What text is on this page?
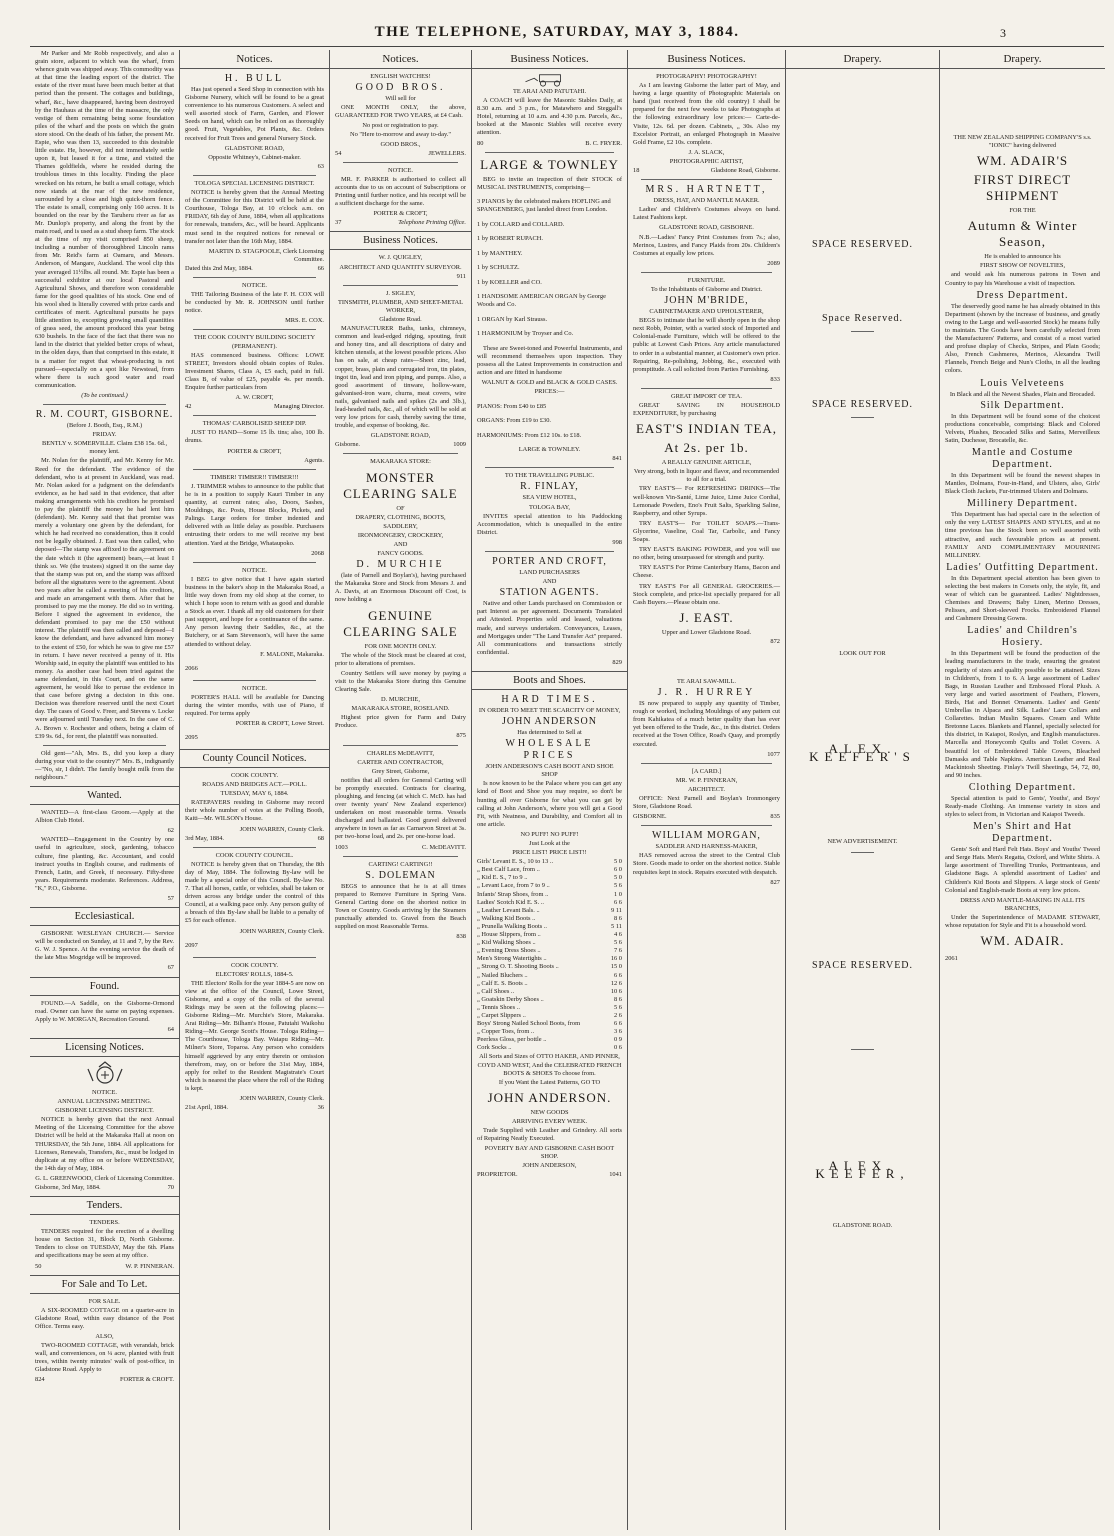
THE TELEPHONE, SATURDAY, MAY 3, 1884.	3

Mr Parker and Mr Robb respectively, and also a grain store, adjacent to which was the wharf, from whence grain was shipped away. This commodity was at that time the leading export of the district. The estate of the river must have been much better at that period than the present. The cottages and buildings, wharf, &c., have disappeared, having been destroyed by the Hauhaus at the time of the massacre, the only vestige of them remaining being some foundation piles of the wharf and the posts on which the grain store stood. On the death of his father, the present Mr. Espie, who was then 13, succeeded to this desirable little estate. He, however, did not immediately settle upon it, but leased it for a time, and visited the Thames goldfields, where he resided during the troublous times in this locality. Finding the place wrecked on his return, he built a small cottage, which now stands at the rear of the new residence, surrounded by a close and high quick-thorn fence. The estate is small, comprising only 160 acres. It is bounded on the rear by the Taruheru river as far as Mr. Dunlop's property, and along the front by the main road, and is used as a stud sheep farm. The stock at the time of my visit comprised 850 sheep, including a number of thoroughbred Lincoln rams from Mr. Reid's farm at Oamaru, and Messrs. Anderson, of Mangare, Auckland. The wool clip this year averaged 11½lbs. all round. Mr. Espie has been a successful exhibitor at our local Pastoral and Agricultural Shows, and therefore won considerable fame for the good qualities of his stock. One end of his wool shed is literally covered with prize cards and certificates of merit. Agricultural pursuits he pays little attention to, excepting growing small quantities of grass seed, the amount produced this year being 630 bushels. In the face of the fact that there was no land in the district that yielded better crops of wheat, in the olden days, than that comprised in this estate, it is a matter for regret that wheat-producing is not pursued—especially on a spot like Newstead, from where there is such good water and road communication.

(To be continued.)

R. M. COURT, GISBORNE.

(Before J. Booth, Esq., R.M.)

FRIDAY.

BENTLY v. SOMERVILLE. Claim £38 15s. 6d., money lent.

Mr. Nolan for the plaintiff, and Mr. Kenny for Mr. Reed for the defendant. The evidence of the defendant, who is at present in Auckland, was read. Mr. Nolan asked for a judgment on the defendant's evidence, as he had said in that evidence, that after making arrangements with his creditors he promised to pay the plaintiff the money he had lent him (defendant). Mr. Kenny said that that promise was merely a voluntary one given by the defendant, for which he had received no consideration, thus it could not be legally obtained. J. East was then called, who deposed—The stamp was affixed to the agreement on the date which it (the agreement) bears,—at least I think so. We (the trustees) signed it on the same day that the stamp was put on, and the stamp was affixed before all the signatures were to the agreement. About two years after he called a meeting of his creditors, and made an arrangement with them. After that he promised to pay me the money. He did so in writing. Before I signed the agreement in evidence, the defendant promised to pay me the £50 without interest. The plaintiff was then called and deposed—I know the defendant, and have advanced him money to the extent of £50, for which he was to give me £57 in return. I have never received a penny of it. His Worship said, in equity the plaintiff was entitled to his money. As another case had been tried against the same defendant, in this Court, and on the same agreement, he would like to peruse the evidence in that case before giving a decision in this one. Decision was therefore reserved until the next Court day. The cases of Good v. Freer, and Stevens v. Locke were adjourned until Tuesday next. In the case of C. A. Brown v. Rochester and others, being a claim of £39 9s. 6d., for rent, the plaintiff was nonsuited.

Old gent—"Ah, Mrs. B., did you keep a diary during your visit to the country?" Mrs. B., indignantly—"No, sir, I didn't. The family bought milk from the neighbours."

Wanted.

WANTED—A first-class Groom.—Apply at the Albion Club Hotel.

62

WANTED—Engagement in the Country by one useful in agriculture, stock, gardening, tobacco culture, fine planting, &c. Accountant, and could instruct youths in English course, and rudiments of French, Latin, and Greek, if necessary. Fifty-three years. Requirements moderate. References. Address, "K," P.O., Gisborne.

57

Ecclesiastical.

GISBORNE WESLEYAN CHURCH.— Service will be conducted on Sunday, at 11 and 7, by the Rev. G. W. J. Spence. At the evening service the death of the late Miss Mogridge will be improved.

67

Found.

FOUND.—A Saddle, on the Gisborne-Ormond road. Owner can have the same on paying expenses. Apply to W. MORGAN, Recreation Ground.

64

Licensing Notices.

NOTICE.

ANNUAL LICENSING MEETING.

GISBORNE LICENSING DISTRICT.

NOTICE is hereby given that the next Annual Meeting of the Licensing Committee for the above District will be held at the Makaraka Hall at noon on THURSDAY, the 5th June, 1884. All applications for Licenses, Renewals, Transfers, &c., must be lodged in duplicate at my office on or before WEDNESDAY, the 14th day of May, 1884.

G. L. GREENWOOD, Clerk of Licensing Committee.

Gisborne, 3rd May, 1884.	70
Tenders.

TENDERS.

TENDERS required for the erection of a dwelling house on Section 31, Block D, North Gisborne. Tenders to close on TUESDAY, May the 6th. Plans and specifications may be seen at my office.

50	W. P. FINNERAN.
For Sale and To Let.

FOR SALE.

A SIX-ROOMED COTTAGE on a quarter-acre in Gladstone Road, within easy distance of the Post Office. Terms easy.

ALSO,

TWO-ROOMED COTTAGE, with verandah, brick wall, and conveniences, on ¼ acre, planted with fruit trees, within twenty minutes' walk of post-office, in Gladstone Road. Apply to

824	FORTER & CROFT.
Notices.

H. BULL

Has just opened a Seed Shop in connection with his Gisborne Nursery, which will be found to be a great convenience to his numerous Customers. A select and well assorted stock of Farm, Garden, and Flower Seeds on hand, which can be relied on as thoroughly good. Fruit, Vegetables, Pot Plants, &c. Orders received for Fruit Trees and general Nursery Stock.

GLADSTONE ROAD,

Opposite Whitney's, Cabinet-maker.

63

TOLOGA SPECIAL LICENSING DISTRICT.

NOTICE is hereby given that the Annual Meeting of the Committee for this District will be held at the Courthouse, Tologa Bay, at 10 o'clock a.m. on FRIDAY, 6th day of June, 1884, when all applications for renewals, transfers, &c., will be heard. Applicants must send in the required notices for renewal or transfer not later than the 16th May, 1884.

MARTIN D. STAGPOOLE, Clerk Licensing Committee.

Dated this 2nd May, 1884.	66

NOTICE.

THE Tailoring Business of the late F. H. COX will be conducted by Mr. R. JOHNSON until further notice.

MRS. E. COX.

THE COOK COUNTY BUILDING SOCIETY (PERMANENT).

HAS commenced business. Offices: LOWE STREET, Investors should obtain copies of Rules. Investment Shares, Class A, £5 each, paid in full. Class B, of value of £25, payable 4s. per month. Enquire further particulars from

A. W. CROFT,

42	Managing Director.

THOMAS' CARBOLISED SHEEP DIP.

JUST TO HAND—Some 15 lb. tins; also, 100 lb. drums.

PORTER & CROFT,

Agents.

TIMBER! TIMBER!! TIMBER!!!

J. TRIMMER wishes to announce to the public that he is in a position to supply Kauri Timber in any quantity, at current rates; also, Doors, Sashes, Mouldings, &c. Posts, House Blocks, Pickets, and Palings. Large orders for timber indented and delivered with as little delay as possible. Purchasers entrusting their orders to me will receive my best attention. Yard at the Bridge, Whataupoko.

2068

NOTICE.

I BEG to give notice that I have again started business in the baker's shop in the Makaraka Road, a little way down from my old shop at the corner, to which I hope soon to return with as good and durable a Stock as ever. I thank all my old customers for their past support, and hope for a continuance of the same. Any person leaving their Saddles, &c., at the Butchery, or at Sam Stevenson's, will have the same attended to without delay.

F. MALONE, Makaraka.

2066

NOTICE.

PORTER'S HALL will be available for Dancing during the winter months, with use of Piano, if required. For terms apply

PORTER & CROFT, Lowe Street.

2095

County Council Notices.

COOK COUNTY.

ROADS AND BRIDGES ACT.—POLL.

TUESDAY, MAY 6, 1884.

RATEPAYERS residing in Gisborne may record their whole number of votes at the Polling Booth, Kaiti—Mr. WILSON's House.

JOHN WARREN, County Clerk.

3rd May, 1884.	68

COOK COUNTY COUNCIL.

NOTICE is hereby given that on Thursday, the 8th day of May, 1884. The following By-law will be made by a special order of this Council. By-law No. 7. That all horses, cattle, or vehicles, shall be taken or driven across any bridge under the control of this Council, at a walking pace only. Any person guilty of a breach of this By-law shall be liable to a penalty of £5 for each offence.

JOHN WARREN, County Clerk.

2097

COOK COUNTY.

ELECTORS' ROLLS, 1884-5.

THE Electors' Rolls for the year 1884-5 are now on view at the office of the Council, Lowe Street, Gisborne, and a copy of the rolls of the several Ridings may be seen at the following places:— Gisborne Riding—Mr. Murchie's Store, Makaraka. Arai Riding—Mr. Bilham's House, Patutahi Waikohu Riding—Mr. George Scott's House. Tologa Riding—The Courthouse, Tologa Bay. Waiapu Riding—Mr. Milner's Store, Toparoa. Any person who considers himself aggrieved by any entry therein or omission therefrom, may, on or before the 31st May, 1884, apply for relief to the Resident Magistrate's Court which is nearest the place where the roll of the Riding is kept.

JOHN WARREN, County Clerk.

21st April, 1884.	36
Notices.

ENGLISH WATCHES!

GOOD BROS.

Will sell for

ONE MONTH ONLY, the above, GUARANTEED FOR TWO YEARS, at £4 Cash.

No post or registration to pay.

No "Here to-morrow and away to-day."

GOOD BROS.,

54	JEWELLERS.

NOTICE.

MR. F. PARKER is authorised to collect all accounts due to us on account of Subscriptions or Printing until further notice, and his receipt will be a sufficient discharge for the same.

PORTER & CROFT,

37	Telephone Printing Office.
Business Notices.

W. J. QUIGLEY,

ARCHITECT AND QUANTITY SURVEYOR.

911

J. SIGLEY,

TINSMITH, PLUMBER, AND SHEET-METAL WORKER,

Gladstone Road.

MANUFACTURER Baths, tanks, chimneys, common and lead-edged ridging, spouting, fruit and honey tins, and all descriptions of dairy and kitchen utensils, at the lowest possible prices. Also has on sale, at cheap rates—Sheet zinc, lead, copper, brass, plain and corrugated iron, tin plates, ingot tin, lead and iron piping, and pumps. Also, a good assortment of tinware, hollow-ware, galvanised-iron ware, churns, meat covers, wire nails, galvanised nails and spikes (2s and 3lb.), lead-headed nails, &c., all of which will be sold at very low prices for cash, thereby saving the time, trouble, and expense of booking, &c.

GLADSTONE ROAD,

Gisborne.	1009

MAKARAKA STORE:

MONSTER CLEARING SALE

OF

DRAPERY, CLOTHING, BOOTS,

SADDLERY,

IRONMONGERY, CROCKERY,

AND

FANCY GOODS.

D. MURCHIE

(late of Parnell and Boylan's), having purchased the Makaraka Store and Stock from Messrs J. and A. Davis, at an Enormous Discount off Cost, is now holding a

GENUINE CLEARING SALE

FOR ONE MONTH ONLY.

The whole of the Stock must be cleared at cost, prior to alterations of premises.

Country Settlers will save money by paying a visit to the Makaraka Store during this Genuine Clearing Sale.

D. MURCHIE,

MAKARAKA STORE, ROSELAND.

Highest price given for Farm and Dairy Produce.

875

CHARLES McDEAVITT,

CARTER AND CONTRACTOR,

Grey Street, Gisborne,

notifies that all orders for General Carting will be promptly executed. Contracts for clearing, ploughing, and fencing (at which C. McD. has had over twenty years' New Zealand experience) undertaken on most reasonable terms. Vessels discharged and ballasted. Good gravel delivered anywhere in town as far as Carnarvon Street at 3s. per two-horse load, and 2s. per one-horse load.

1003	C. McDEAVITT.

CARTING! CARTING!!

S. DOLEMAN

BEGS to announce that he is at all times prepared to Remove Furniture in Spring Vans. General Carting done on the shortest notice in Town or Country. Goods arriving by the Steamers punctually attended to. Gravel from the Beach supplied on most Reasonable Terms.

838

Business Notices.

TE ARAI AND PATUTAHI.

A COACH will leave the Masonic Stables Daily, at 8.30 a.m. and 3 p.m., for Matawhero and Steggall's Hotel, returning at 10 a.m. and 4.30 p.m. Parcels, &c., booked at the Masonic Stables will receive every attention.

80	B. C. FRYER.

LARGE & TOWNLEY

BEG to invite an inspection of their STOCK of MUSICAL INSTRUMENTS, comprising—

3 PIANOS by the celebrated makers HOFLING and SPANGENBERG, just landed direct from London.

1 by COLLARD and COLLARD.

1 by ROBERT RUPACH.

1 by MANTHEY.

1 by SCHULTZ.

1 by KOELLER and CO.

1 HANDSOME AMERICAN ORGAN by George Woods and Co.

1 ORGAN by Karl Strauss.

1 HARMONIUM by Troyser and Co.

These are Sweet-toned and Powerful Instruments, and will recommend themselves upon inspection. They possess all the Latest Improvements in construction and action and are fitted in handsome

WALNUT & GOLD and BLACK & GOLD CASES.

PRICES:—

PIANOS: From £40 to £85

ORGANS: From £19 to £30.

HARMONIUMS: From £12 10s. to £18.

LARGE & TOWNLEY.

841

TO THE TRAVELLING PUBLIC.

R. FINLAY,

SEA VIEW HOTEL,

TOLOGA BAY,

INVITES special attention to his Paddocking Accommodation, which is unequalled in the entire District.

998

PORTER AND CROFT,

LAND PURCHASERS

AND

STATION AGENTS.

Native and other Lands purchased on Commission or part Interest as per agreement. Documents Translated and Attested. Properties sold and leased, valuations made, and surveys undertaken. Conveyances, Leases, and Mortgages under "The Land Transfer Act" prepared. All communications and transactions strictly confidential.

829

Boots and Shoes.

HARD TIMES.

IN ORDER TO MEET THE SCARCITY OF MONEY,

JOHN ANDERSON

Has determined to Sell at

WHOLESALE PRICES

JOHN ANDERSON'S CASH BOOT AND SHOE SHOP

Is now known to be the Palace where you can get any kind of Boot and Shoe you may require, so don't be hunting all over Gisborne for what you can get by calling at John Anderson's, where you will get a Good Fit, with Neatness, and Durability, and Comfort all in one article.

NO PUFF! NO PUFF!

Just Look at the

PRICE LIST! PRICE LIST!!

Girls' Levant E. S., 10 to 13 ..	5 0
„ Best Calf Lace, from ..	6 0
„ Kid E. S., 7 to 9 ..	5 0
„ Levant Lace, from 7 to 9 ..	5 6
Infants' Strap Shoes, from ..	1 0
Ladies' Scotch Kid E. S. ..	6 6
„ Leather Levant Bals. ..	9 11
„ Walking Kid Boots ..	8 6
„ Prunella Walking Boots ..	5 11
„ House Slippers, from ..	4 6
„ Kid Walking Shoes ..	5 6
„ Evening Dress Shoes ..	7 6
Men's Strong Watertights ..	16 0
„ Strong O. T. Shooting Boots ..	15 0
„ Nailed Bluchers ..	6 6
„ Calf E. S. Boots ..	12 6
„ Calf Shoes ..	10 6
„ Goatskin Derby Shoes ..	8 6
„ Tennis Shoes ..	5 6
„ Carpet Slippers ..	2 6
Boys' Strong Nailed School Boots, from	6 6
„ Copper Toes, from ..	3 6
Peerless Gloss, per bottle ..	0 9
Cork Socks ..	0 6

All Sorts and Sizes of OTTO HAKER, AND PINNER, COYD AND WEST, And the CELEBRATED FRENCH BOOTS & SHOES To choose from.

If you Want the Latest Patterns, GO TO

JOHN ANDERSON.

NEW GOODS

ARRIVING EVERY WEEK.

Trade Supplied with Leather and Grindery. All sorts of Repairing Neatly Executed.

POVERTY BAY AND GISBORNE CASH BOOT SHOP.

JOHN ANDERSON,

PROPRIETOR.	1041
Business Notices.

PHOTOGRAPHY! PHOTOGRAPHY!

As I am leaving Gisborne the latter part of May, and having a large quantity of Photographic Materials on hand (just received from the old country) I shall be prepared for the next few weeks to take Photographs at the following extraordinary low prices:— Carte-de-Visite, 12s. 6d. per dozen. Cabinets, „ 30s. Also my Excelsior Portrait, an enlarged Photograph in Massive Gold Frame, £2 10s. complete.

J. A. SLACK,

PHOTOGRAPHIC ARTIST,

18	Gladstone Road, Gisborne.

MRS. HARTNETT,

DRESS, HAT, AND MANTLE MAKER.

Ladies' and Children's Costumes always on hand. Latest Fashions kept.

GLADSTONE ROAD, GISBORNE.

N.B.—Ladies' Fancy Print Costumes from 7s.; also, Merinos, Lustres, and Fancy Plaids from 20s. Children's Costumes at equally low prices.

2089

FURNITURE.

To the Inhabitants of Gisborne and District.

JOHN M'BRIDE,

CABINETMAKER AND UPHOLSTERER,

BEGS to intimate that he will shortly open in the shop next Robb, Pointer, with a varied stock of Imported and Colonial-made Furniture, which will be offered to the public at Lowest Cash Prices. Any article manufactured to order in a substantial manner, at Customer's own price. Repairing, Re-polishing, Jobbing, &c., executed with promptitude. A call solicited from Parties Furnishing.

833

GREAT IMPORT OF TEA.

GREAT SAVING IN HOUSEHOLD EXPENDITURE, by purchasing

EAST'S INDIAN TEA,

At 2s. per 1b.

A REALLY GENUINE ARTICLE,

Very strong, both in liquor and flavor, and recommended to all for a trial.

TRY EAST'S— For REFRESHING DRINKS—The well-known Vin-Santé, Lime Juice, Lime Juice Cordial, Lemonade Powders, Eno's Fruit Salts, Sparkling Saline, Raspberry, and other Syrups.

TRY EAST'S— For TOILET SOAPS.—Trans-Glycerine, Vaseline, Coal Tar, Carbolic, and Fancy Soaps.

TRY EAST'S BAKING POWDER, and you will use no other, being unsurpassed for strength and purity.

TRY EAST'S For Prime Canterbury Hams, Bacon and Cheese.

TRY EAST'S For all GENERAL GROCERIES.—Stock complete, and price-list specially prepared for all Cash Buyers.—Please obtain one.

J. EAST.

Upper and Lower Gladstone Road.

872

TE ARAI SAW-MILL.

J. R. HURREY

IS now prepared to supply any quantity of Timber, rough or worked, including Mouldings of any pattern cut from Kahikatea of a much better quality than has ever yet been offered to the Trade, &c., in this district. Orders received at the Town Office, Road's Quay, and promptly executed.

1077

[A CARD.]

MR. W. P. FINNERAN,

ARCHITECT.

OFFICE: Next Parnell and Boylan's Ironmongery Store, Gladstone Road.

GISBORNE.	835

WILLIAM MORGAN,

SADDLER AND HARNESS-MAKER,

HAS removed across the street to the Central Club Store. Goods made to order on the shortest notice. Stable requisites kept in stock. Repairs executed with despatch.

827

Drapery.

SPACE RESERVED.

Space Reserved.

SPACE RESERVED.

LOOK OUT FOR

ALEX. KEEFER'S

NEW ADVERTISEMENT.

SPACE RESERVED.

ALEX. KEEFER,

GLADSTONE ROAD.

Drapery.

THE NEW ZEALAND SHIPPING COMPANY'S s.s. "IONIC" having delivered

WM. ADAIR'S

FIRST DIRECT SHIPMENT

FOR THE

Autumn & Winter Season,

He is enabled to announce his

FIRST SHOW OF NOVELTIES,

and would ask his numerous patrons in Town and Country to pay his Warehouse a visit of inspection.

Dress Department.

The deservedly good name he has already obtained in this Department (shown by the increase of business, and greatly owing to the Large and well-assorted Stock) he means fully to maintain. The Goods have been carefully selected from the Manufacturers' Patterns, and consist of a most varied and profuse display of Checks, Stripes, and Plain Goods; Also, French Cashmeres, Merinos, Alexandra Twill Flannels, French Beige and Nun's Cloths, in all the leading colors.

Louis Velveteens

In Black and all the Newest Shades, Plain and Brocaded.

Silk Department.

In this Department will be found some of the choicest productions conceivable, comprising: Black and Colored Velvets, Plushes, Brocaded Silks and Satins, Merveilleux Satin, Duchesse, Brocatelle, &c.

Mantle and Costume Department.

In this Department will be found the newest shapes in Mantles, Dolmans, Four-in-Hand, and Ulsters, also, Girls' Black Cloth Jackets, Fur-trimmed Ulsters and Dolmans.

Millinery Department.

This Department has had special care in the selection of only the very LATEST SHAPES AND STYLES, and at no time previous has the Stock been so well assorted with attractive, and such favourable prices as at present. FAMILY AND COMPLIMENTARY MOURNING MILLINERY.

Ladies' Outfitting Department.

In this Department special attention has been given to selecting the best makers in Corsets only, the style, fit, and wear of which can be guaranteed. Ladies' Nightdresses, Chemises and Drawers; Baby Linen, Merino Dresses, Pelisses, and Short-sleeved Frocks. Embroidered Flannel and Cashmere Dressing Gowns.

Ladies' and Children's Hosiery.

In this Department will be found the production of the leading manufacturers in the trade, ensuring the greatest regularity of sizes and quality possible to be attained. Sizes in Children's, from 1 to 6. A large assortment of Ladies' Bags, in Russian Leather and Embossed Floral Plush. A very large and varied assortment of Feathers, Flowers, Birds, Hat and Bonnet Ornaments. Ladies' and Gents' Umbrellas in Alpaca and Silk. Ladies' Lace Collars and Collarettes. Indian Muslin Squares. Cream and White Bretonne Laces. Blankets and Flannel, specially selected for this district, in Kaiapoi, Roslyn, and English manufactures. Marcella and Honeycomb Quilts and Toilet Covers. A beautiful lot of Embroidered Table Covers, Bleached Damasks and Table Napkins. American Leather and Real Mackintosh Sheeting. Finlay's Twill Sheetings, 54, 72, 80, and 90 inches.

Clothing Department.

Special attention is paid to Gents', Youths', and Boys' Ready-made Clothing. An immense variety in sizes and styles to select from, in Victorian and Kaiapoi Tweeds.

Men's Shirt and Hat Department.

Gents' Soft and Hard Felt Hats. Boys' and Youths' Tweed and Serge Hats. Men's Regatta, Oxford, and White Shirts. A large assortment of Travelling Trunks, Portmanteaus, and Gladstone Bags. A splendid assortment of Ladies' and Children's Kid Boots and Slippers. A large stock of Gents' Colonial and English-made Boots at very low prices.

DRESS AND MANTLE-MAKING IN ALL ITS BRANCHES,

Under the Superintendence of MADAME STEWART, whose reputation for Style and Fit is a household word.

WM. ADAIR.

2061
